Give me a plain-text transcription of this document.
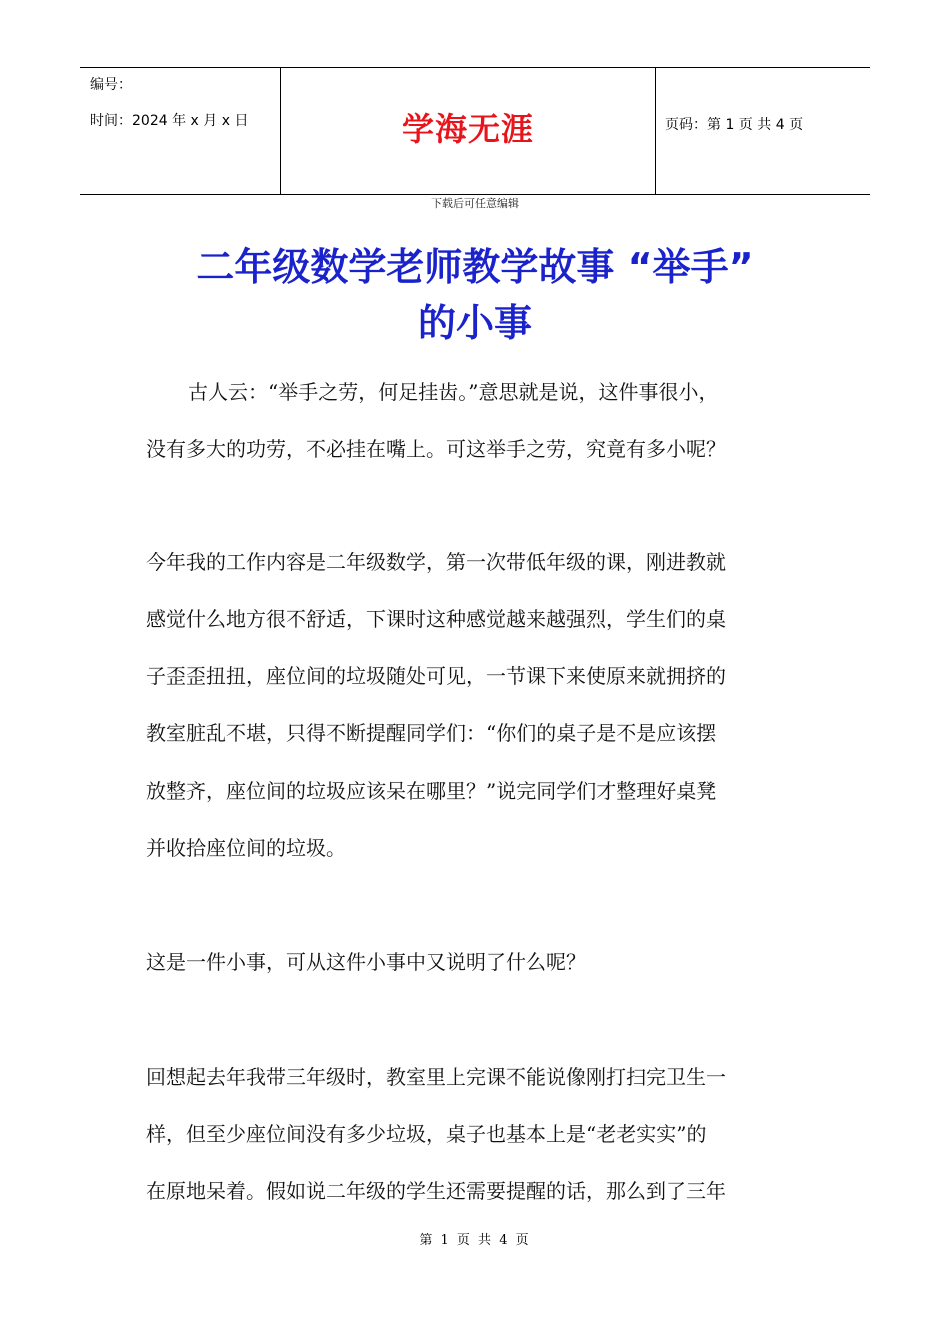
编号：
时间：2024 年 x 月 x 日	学海无涯	页码：第 1 页 共 4 页
下载后可任意编辑
二年级数学老师教学故事 “举手”
的小事
古人云：“举手之劳，何足挂齿。”意思就是说，这件事很小，
没有多大的功劳，不必挂在嘴上。可这举手之劳，究竟有多小呢？
今年我的工作内容是二年级数学，第一次带低年级的课，刚进教就
感觉什么地方很不舒适，下课时这种感觉越来越强烈，学生们的桌
子歪歪扭扭，座位间的垃圾随处可见，一节课下来使原来就拥挤的
教室脏乱不堪，只得不断提醒同学们：“你们的桌子是不是应该摆
放整齐，座位间的垃圾应该呆在哪里？”说完同学们才整理好桌凳
并收拾座位间的垃圾。
这是一件小事，可从这件小事中又说明了什么呢？
回想起去年我带三年级时，教室里上完课不能说像刚打扫完卫生一
样，但至少座位间没有多少垃圾，桌子也基本上是“老老实实”的
在原地呆着。假如说二年级的学生还需要提醒的话，那么到了三年
第 1 页 共 4 页
